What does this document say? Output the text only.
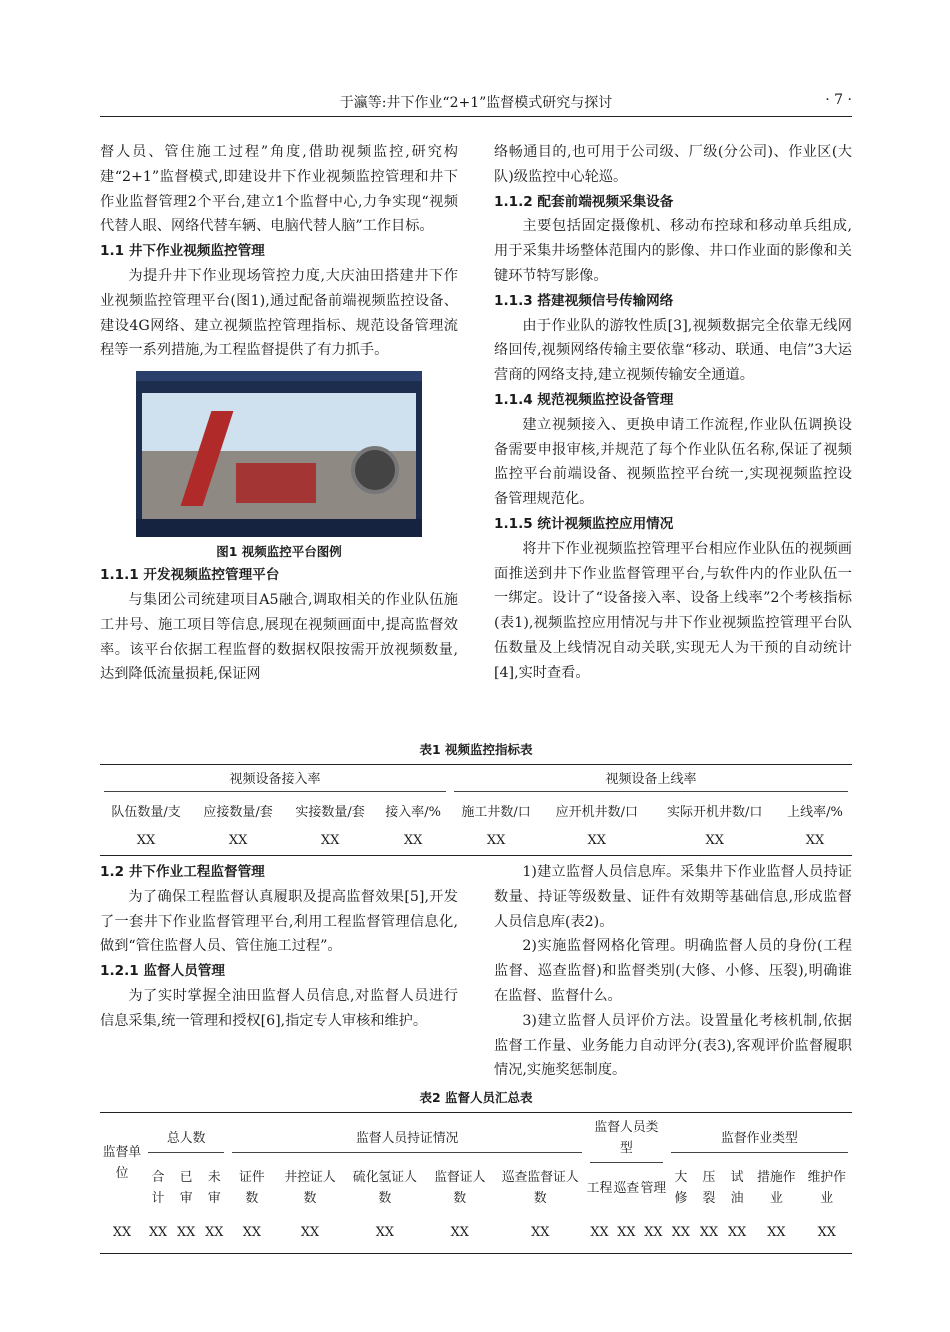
于瀛等:井下作业“2+1”监督模式研究与探讨	· 7 ·

督人员、管住施工过程”角度,借助视频监控,研究构建“2+1”监督模式,即建设井下作业视频监控管理和井下作业监督管理2个平台,建立1个监督中心,力争实现“视频代替人眼、网络代替车辆、电脑代替人脑”工作目标。

1.1 井下作业视频监控管理

为提升井下作业现场管控力度,大庆油田搭建井下作业视频监控管理平台(图1),通过配备前端视频监控设备、建设4G网络、建立视频监控管理指标、规范设备管理流程等一系列措施,为工程监督提供了有力抓手。

图1 视频监控平台图例

1.1.1 开发视频监控管理平台

与集团公司统建项目A5融合,调取相关的作业队伍施工井号、施工项目等信息,展现在视频画面中,提高监督效率。该平台依据工程监督的数据权限按需开放视频数量,达到降低流量损耗,保证网

络畅通目的,也可用于公司级、厂级(分公司)、作业区(大队)级监控中心轮巡。

1.1.2 配套前端视频采集设备

主要包括固定摄像机、移动布控球和移动单兵组成,用于采集井场整体范围内的影像、井口作业面的影像和关键环节特写影像。

1.1.3 搭建视频信号传输网络

由于作业队的游牧性质[3],视频数据完全依靠无线网络回传,视频网络传输主要依靠“移动、联通、电信”3大运营商的网络支持,建立视频传输安全通道。

1.1.4 规范视频监控设备管理

建立视频接入、更换申请工作流程,作业队伍调换设备需要申报审核,并规范了每个作业队伍名称,保证了视频监控平台前端设备、视频监控平台统一,实现视频监控设备管理规范化。

1.1.5 统计视频监控应用情况

将井下作业视频监控管理平台相应作业队伍的视频画面推送到井下作业监督管理平台,与软件内的作业队伍一一绑定。设计了“设备接入率、设备上线率”2个考核指标(表1),视频监控应用情况与井下作业视频监控管理平台队伍数量及上线情况自动关联,实现无人为干预的自动统计[4],实时查看。

表1 视频监控指标表
视频设备接入率				视频设备上线率			

队伍数量/支	应接数量/套	实接数量/套	接入率/%	施工井数/口	应开机井数/口	实际开机井数/口	上线率/%
XX	XX	XX	XX	XX	XX	XX	XX
1.2 井下作业工程监督管理

为了确保工程监督认真履职及提高监督效果[5],开发了一套井下作业监督管理平台,利用工程监督管理信息化,做到“管住监督人员、管住施工过程”。

1.2.1 监督人员管理

为了实时掌握全油田监督人员信息,对监督人员进行信息采集,统一管理和授权[6],指定专人审核和维护。

1)建立监督人员信息库。采集井下作业监督人员持证数量、持证等级数量、证件有效期等基础信息,形成监督人员信息库(表2)。

2)实施监督网格化管理。明确监督人员的身份(工程监督、巡查监督)和监督类别(大修、小修、压裂),明确谁在监督、监督什么。

3)建立监督人员评价方法。设置量化考核机制,依据监督工作量、业务能力自动评分(表3),客观评价监督履职情况,实施奖惩制度。

表2 监督人员汇总表
监督单位	总人数			监督人员持证情况					监督人员类型			监督作业类型				

	合计	已审	未审	证件数	井控证人数	硫化氢证人数	监督证人数	巡查监督证人数	工程	巡查	管理	大修	压裂	试油	措施作业	维护作业
XX	XX	XX	XX	XX	XX	XX	XX	XX	XX	XX	XX	XX	XX	XX	XX	XX
